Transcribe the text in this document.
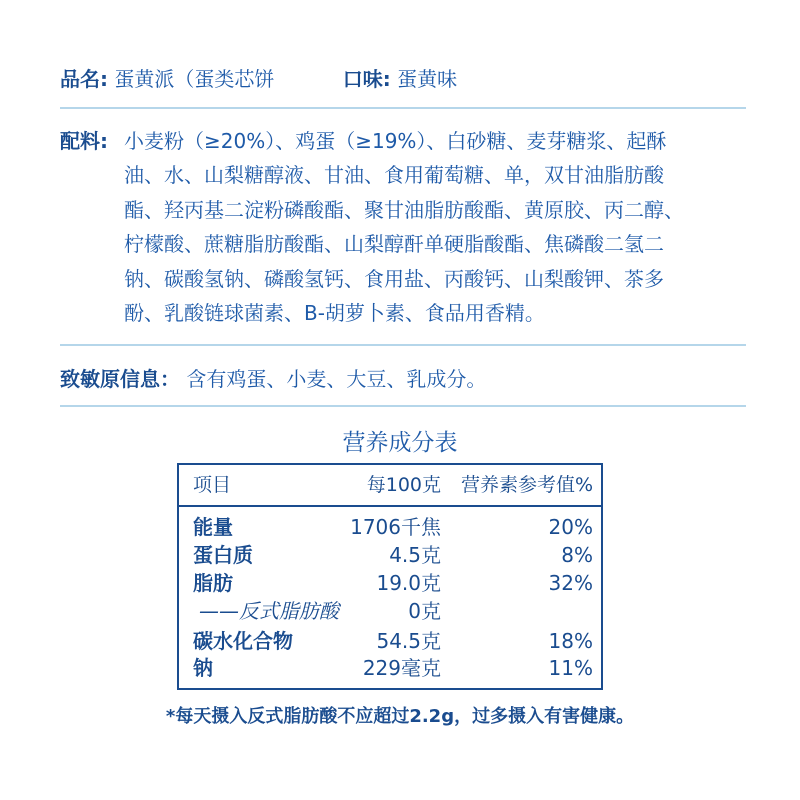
品名: 蛋黄派（蛋类芯饼	口味: 蛋黄味
配料: 小麦粉（≥20%）、鸡蛋（≥19%）、白砂糖、麦芽糖浆、起酥
油、水、山梨糖醇液、甘油、食用葡萄糖、单，双甘油脂肪酸
酯、羟丙基二淀粉磷酸酯、聚甘油脂肪酸酯、黄原胶、丙二醇、
柠檬酸、蔗糖脂肪酸酯、山梨醇酐单硬脂酸酯、焦磷酸二氢二
钠、碳酸氢钠、磷酸氢钙、食用盐、丙酸钙、山梨酸钾、茶多
酚、乳酸链球菌素、B-胡萝卜素、食品用香精。
致敏原信息： 含有鸡蛋、小麦、大豆、乳成分。
营养成分表
项目	每100克 营养素参考值%
能量	1706千焦	20%
蛋白质	4.5克	8%
脂肪	19.0克	32%
——反式脂肪酸	0克
碳水化合物	54.5克	18%
钠	229毫克	11%
*每天摄入反式脂肪酸不应超过2.2g，过多摄入有害健康。
